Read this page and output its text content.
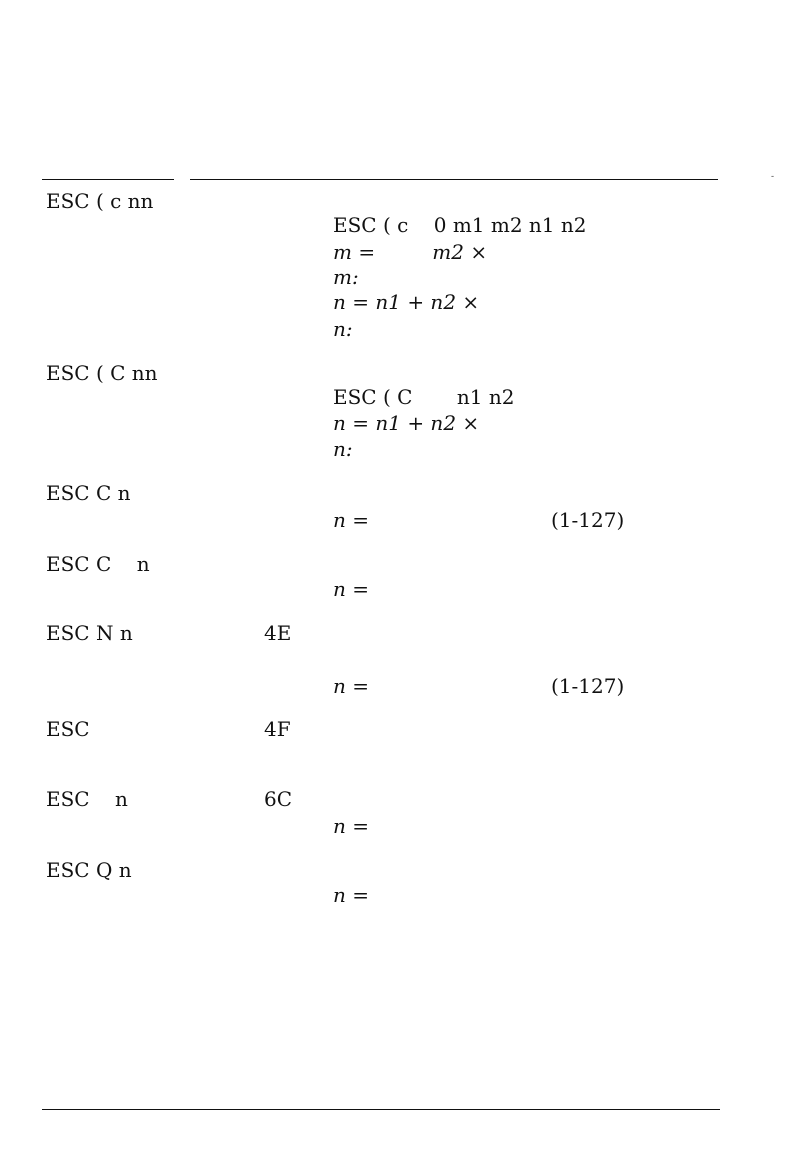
-
ESC ( c nn
ESC ( c    0 m1 m2 n1 n2
m =         m2 ×
m:
n = n1 + n2 ×
n:
ESC ( C nn
ESC ( C       n1 n2
n = n1 + n2 ×
n:
ESC C n
n =	(1-127)
ESC C    n
n =
ESC N n	4E
n =	(1-127)
ESC	4F
ESC    n	6C
n =
ESC Q n
n =
